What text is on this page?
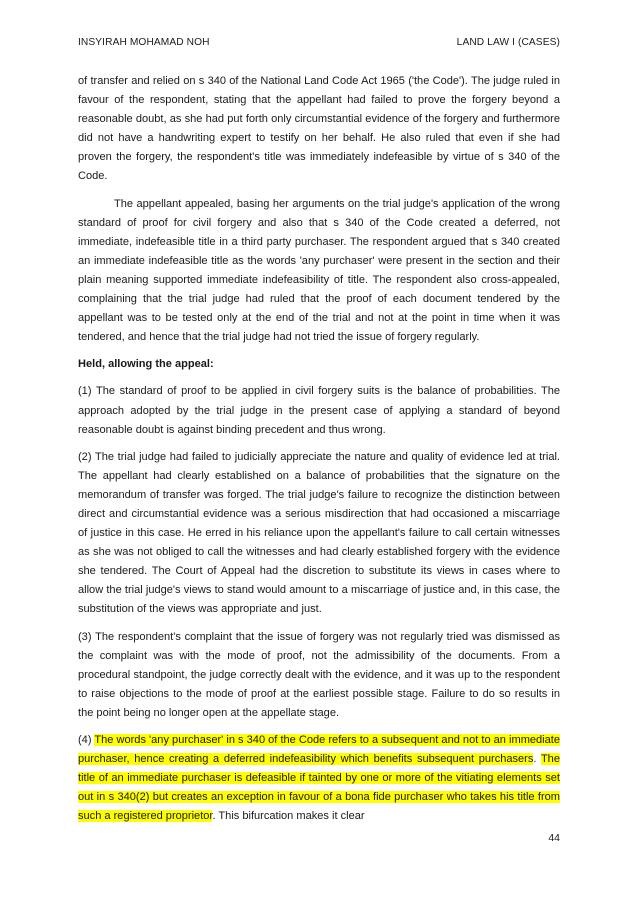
INSYIRAH MOHAMAD NOH	LAND LAW I (CASES)

of transfer and relied on s 340 of the National Land Code Act 1965 ('the Code'). The judge ruled in favour of the respondent, stating that the appellant had failed to prove the forgery beyond a reasonable doubt, as she had put forth only circumstantial evidence of the forgery and furthermore did not have a handwriting expert to testify on her behalf. He also ruled that even if she had proven the forgery, the respondent's title was immediately indefeasible by virtue of s 340 of the Code.

The appellant appealed, basing her arguments on the trial judge's application of the wrong standard of proof for civil forgery and also that s 340 of the Code created a deferred, not immediate, indefeasible title in a third party purchaser. The respondent argued that s 340 created an immediate indefeasible title as the words 'any purchaser' were present in the section and their plain meaning supported immediate indefeasibility of title. The respondent also cross-appealed, complaining that the trial judge had ruled that the proof of each document tendered by the appellant was to be tested only at the end of the trial and not at the point in time when it was tendered, and hence that the trial judge had not tried the issue of forgery regularly.

Held, allowing the appeal:

(1) The standard of proof to be applied in civil forgery suits is the balance of probabilities. The approach adopted by the trial judge in the present case of applying a standard of beyond reasonable doubt is against binding precedent and thus wrong.

(2) The trial judge had failed to judicially appreciate the nature and quality of evidence led at trial. The appellant had clearly established on a balance of probabilities that the signature on the memorandum of transfer was forged. The trial judge's failure to recognize the distinction between direct and circumstantial evidence was a serious misdirection that had occasioned a miscarriage of justice in this case. He erred in his reliance upon the appellant's failure to call certain witnesses as she was not obliged to call the witnesses and had clearly established forgery with the evidence she tendered. The Court of Appeal had the discretion to substitute its views in cases where to allow the trial judge's views to stand would amount to a miscarriage of justice and, in this case, the substitution of the views was appropriate and just.

(3) The respondent's complaint that the issue of forgery was not regularly tried was dismissed as the complaint was with the mode of proof, not the admissibility of the documents. From a procedural standpoint, the judge correctly dealt with the evidence, and it was up to the respondent to raise objections to the mode of proof at the earliest possible stage. Failure to do so results in the point being no longer open at the appellate stage.

(4) The words 'any purchaser' in s 340 of the Code refers to a subsequent and not to an immediate purchaser, hence creating a deferred indefeasibility which benefits subsequent purchasers. The title of an immediate purchaser is defeasible if tainted by one or more of the vitiating elements set out in s 340(2) but creates an exception in favour of a bona fide purchaser who takes his title from such a registered proprietor. This bifurcation makes it clear

44
